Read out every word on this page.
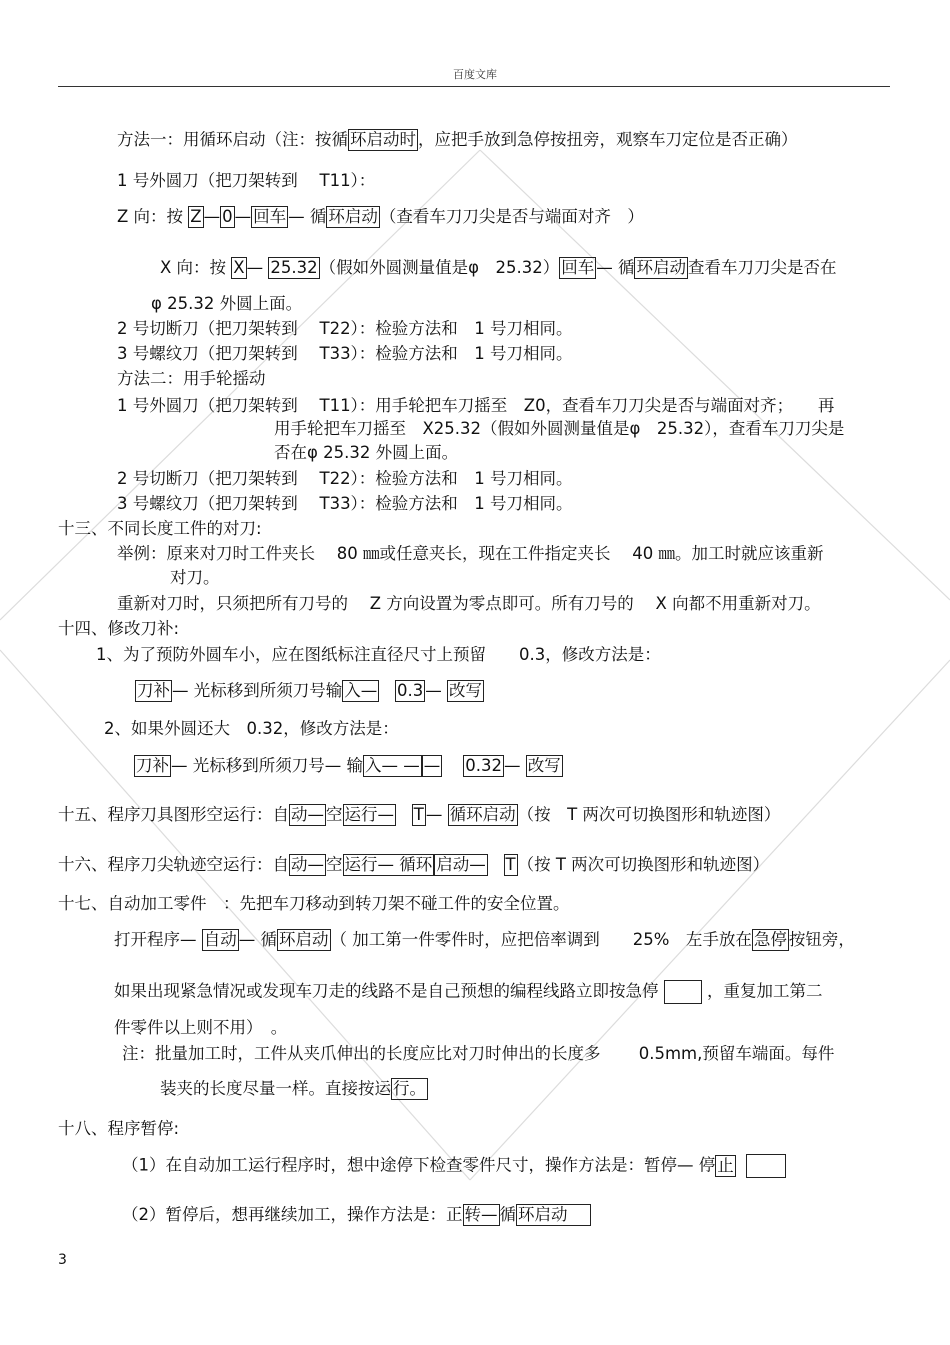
百度文库
方法一：用循环启动（注：按循 环启动时 ，应把手放到急停按扭旁，观察车刀定位是否正确）
1 号外圆刀（把刀架转到　 T11）：
Z 向：按 Z — 0 — 回车 — 循 环启动 （查看车刀刀尖是否与端面对齐　）
X 向：按 X — 25.32 （假如外圆测量值是φ　25.32） 回车 — 循 环启动 查看车刀刀尖是否在
φ 25.32 外圆上面。
2 号切断刀（把刀架转到　 T22）：检验方法和　1 号刀相同。
3 号螺纹刀（把刀架转到　 T33）：检验方法和　1 号刀相同。
方法二：用手轮摇动
1 号外圆刀（把刀架转到　 T11）：用手轮把车刀摇至　Z0，查看车刀刀尖是否与端面对齐；　　再
用手轮把车刀摇至　X25.32（假如外圆测量值是φ　25.32），查看车刀刀尖是
否在φ 25.32 外圆上面。
2 号切断刀（把刀架转到　 T22）：检验方法和　1 号刀相同。
3 号螺纹刀（把刀架转到　 T33）：检验方法和　1 号刀相同。
十三、不同长度工件的对刀:
举例：原来对刀时工件夹长　 80 ㎜或任意夹长，现在工件指定夹长　 40 ㎜。加工时就应该重新
对刀。
重新对刀时，只须把所有刀号的　 Z 方向设置为零点即可。所有刀号的　 X 向都不用重新对刀。
十四、修改刀补:
1、为了预防外圆车小，应在图纸标注直径尺寸上预留　　0.3，修改方法是：
刀补 — 光标移到所须刀号输 入—   0.3 — 改写
2、如果外圆还大　0.32，修改方法是：
刀补 — 光标移到所须刀号— 输 入— —— 0.32 — 改写
十五、程序刀具图形空运行：自 动—空 运行—   T — 循环启动 （按　T 两次可切换图形和轨迹图）
十六、程序刀尖轨迹空运行：自 动—空 运行— 循环 启动—   T （按 T 两次可切换图形和轨迹图）
十七、自动加工零件　：先把车刀移动到转刀架不碰工件的安全位置。
打开程序— 自动 — 循 环启动 （ 加工第一件零件时，应把倍率调到　　25%　左手放在 急停 按钮旁，
如果出现紧急情况或发现车刀走的线路不是自己预想的编程线路立即按急停	，重复加工第二
件零件以上则不用）　。
注：批量加工时，工件从夹爪伸出的长度应比对刀时伸出的长度多　　 0.5mm,预留车端面。每件
装夹的长度尽量一样。直接按运 行。
十八、程序暂停:
（1）在自动加工运行程序时，想中途停下检查零件尺寸，操作方法是：暂停— 停 止
（2）暂停后，想再继续加工，操作方法是：正 转—循 环启动
3
